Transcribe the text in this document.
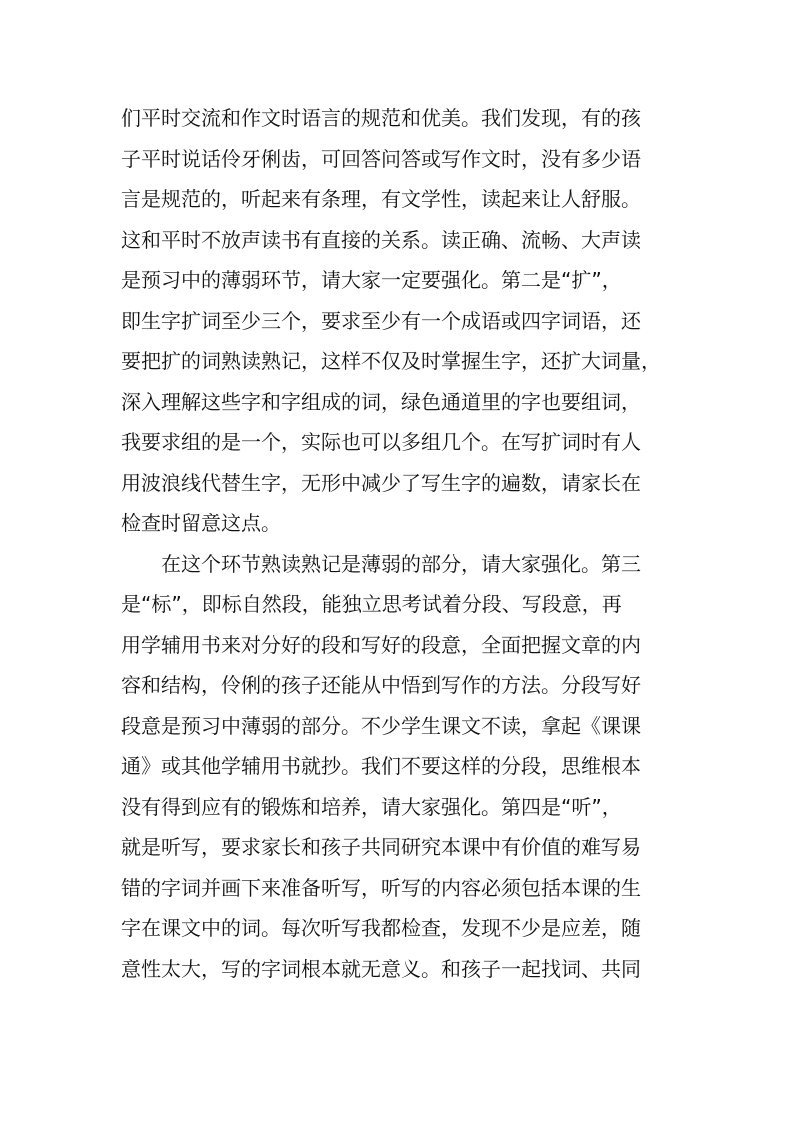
们平时交流和作文时语言的规范和优美。我们发现，有的孩
子平时说话伶牙俐齿，可回答问答或写作文时，没有多少语
言是规范的，听起来有条理，有文学性，读起来让人舒服。
这和平时不放声读书有直接的关系。读正确、流畅、大声读
是预习中的薄弱环节，请大家一定要强化。第二是“扩”，
即生字扩词至少三个，要求至少有一个成语或四字词语，还
要把扩的词熟读熟记，这样不仅及时掌握生字，还扩大词量，
深入理解这些字和字组成的词，绿色通道里的字也要组词，
我要求组的是一个，实际也可以多组几个。在写扩词时有人
用波浪线代替生字，无形中减少了写生字的遍数，请家长在
检查时留意这点。
在这个环节熟读熟记是薄弱的部分，请大家强化。第三
是“标”，即标自然段，能独立思考试着分段、写段意，再
用学辅用书来对分好的段和写好的段意，全面把握文章的内
容和结构，伶俐的孩子还能从中悟到写作的方法。分段写好
段意是预习中薄弱的部分。不少学生课文不读，拿起《课课
通》或其他学辅用书就抄。我们不要这样的分段，思维根本
没有得到应有的锻炼和培养，请大家强化。第四是“听”，
就是听写，要求家长和孩子共同研究本课中有价值的难写易
错的字词并画下来准备听写，听写的内容必须包括本课的生
字在课文中的词。每次听写我都检查，发现不少是应差，随
意性太大，写的字词根本就无意义。和孩子一起找词、共同
